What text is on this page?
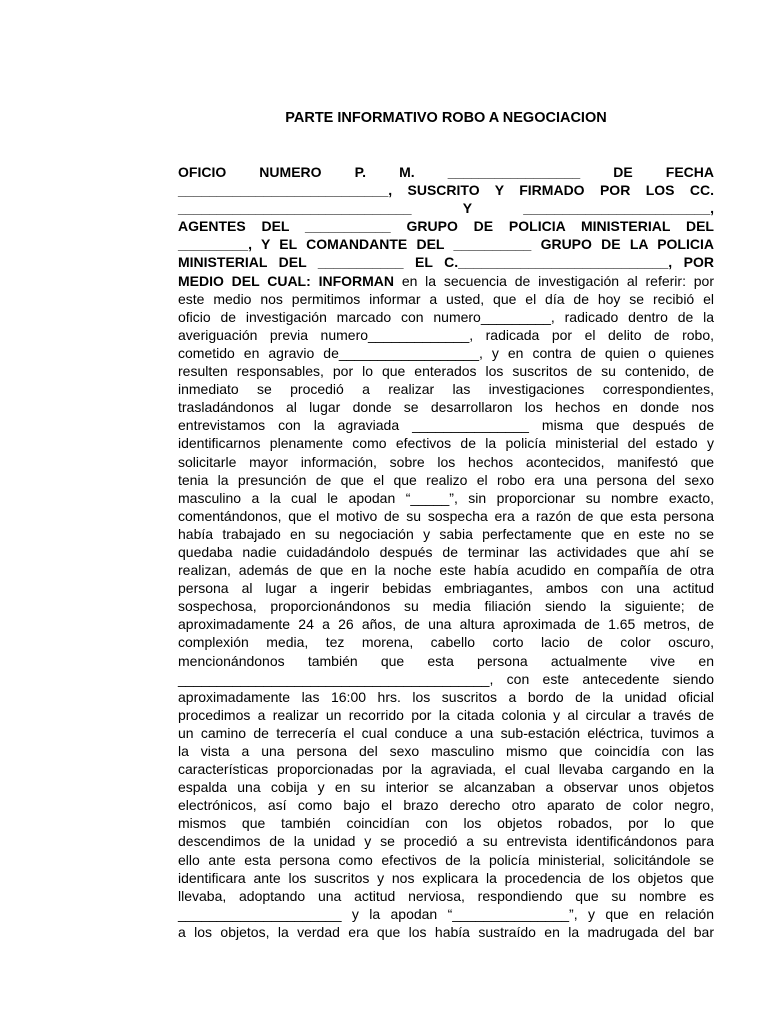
PARTE INFORMATIVO ROBO A NEGOCIACION
OFICIO NUMERO P. M. _________________ DE FECHA
___________________________, SUSCRITO Y FIRMADO POR LOS CC.
______________________________ Y ________________________,
AGENTES DEL ___________ GRUPO DE POLICIA MINISTERIAL DEL
_________, Y EL COMANDANTE DEL __________ GRUPO DE LA POLICIA
MINISTERIAL DEL ___________ EL C.___________________________, POR
MEDIO DEL CUAL: INFORMAN en la secuencia de investigación al referir: por
este medio nos permitimos informar a usted, que el día de hoy se recibió el
oficio de investigación marcado con numero_________, radicado dentro de la
averiguación previa numero_____________, radicada por el delito de robo,
cometido en agravio de__________________, y en contra de quien o quienes
resulten responsables, por lo que enterados los suscritos de su contenido, de
inmediato se procedió a realizar las investigaciones correspondientes,
trasladándonos al lugar donde se desarrollaron los hechos en donde nos
entrevistamos con la agraviada _______________ misma que después de
identificarnos plenamente como efectivos de la policía ministerial del estado y
solicitarle mayor información, sobre los hechos acontecidos, manifestó que
tenia la presunción de que el que realizo el robo era una persona del sexo
masculino a la cual le apodan “_____”, sin proporcionar su nombre exacto,
comentándonos, que el motivo de su sospecha era a razón de que esta persona
había trabajado en su negociación y sabia perfectamente que en este no se
quedaba nadie cuidadándolo después de terminar las actividades que ahí se
realizan, además de que en la noche este había acudido en compañía de otra
persona al lugar a ingerir bebidas embriagantes, ambos con una actitud
sospechosa, proporcionándonos su media filiación siendo la siguiente; de
aproximadamente 24 a 26 años, de una altura aproximada de 1.65 metros, de
complexión media, tez morena, cabello corto lacio de color oscuro,
mencionándonos también que esta persona actualmente vive en
________________________________________, con este antecedente siendo
aproximadamente las 16:00 hrs. los suscritos a bordo de la unidad oficial
procedimos a realizar un recorrido por la citada colonia y al circular a través de
un camino de terrecería el cual conduce a una sub-estación eléctrica, tuvimos a
la vista a una persona del sexo masculino mismo que coincidía con las
características proporcionadas por la agraviada, el cual llevaba cargando en la
espalda una cobija y en su interior se alcanzaban a observar unos objetos
electrónicos, así como bajo el brazo derecho otro aparato de color negro,
mismos que también coincidían con los objetos robados, por lo que
descendimos de la unidad y se procedió a su entrevista identificándonos para
ello ante esta persona como efectivos de la policía ministerial, solicitándole se
identificara ante los suscritos y nos explicara la procedencia de los objetos que
llevaba, adoptando una actitud nerviosa, respondiendo que su nombre es
_____________________ y la apodan “_______________”, y que en relación
a los objetos, la verdad era que los había sustraído en la madrugada del bar
